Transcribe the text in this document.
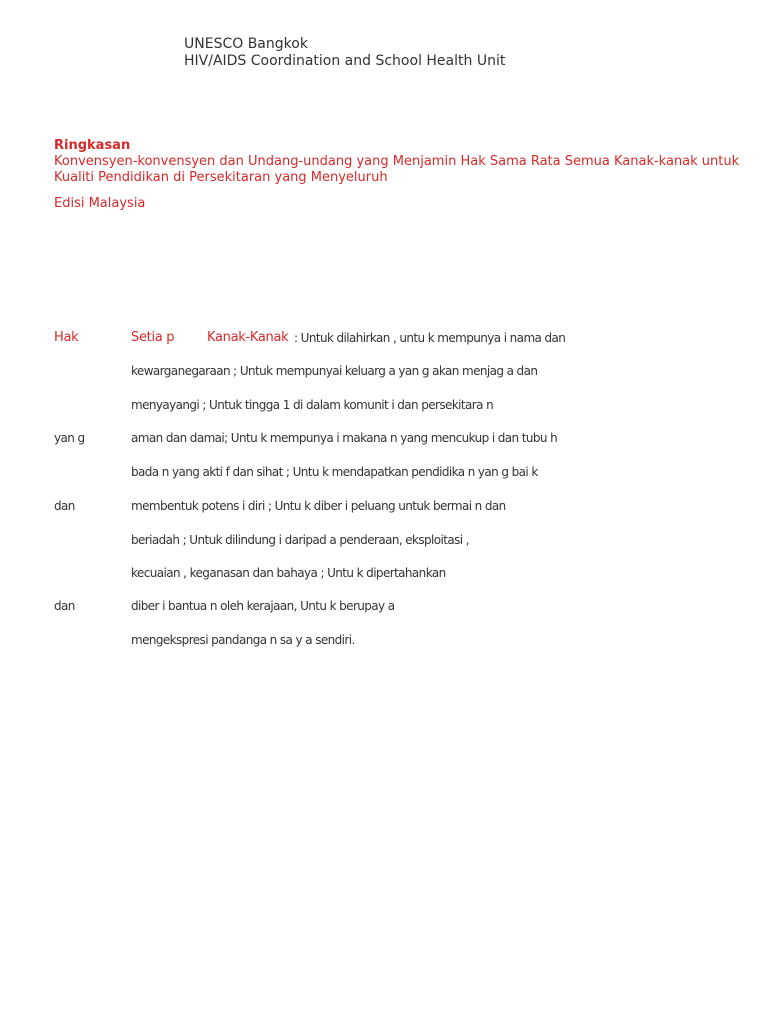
UNESCO Bangkok
HIV/AIDS Coordination and School Health Unit
Ringkasan
Konvensyen-konvensyen dan Undang-undang yang Menjamin Hak Sama Rata Semua Kanak-kanak untuk Kualiti Pendidikan di Persekitaran yang Menyeluruh
Edisi Malaysia
Hak	Setia p	Kanak-Kanak : Untuk dilahirkan , untu k mempunya i nama dan
kewarganegaraan ; Untuk mempunyai keluarg a yan g akan menjag a dan
menyayangi ; Untuk tingga 1 di dalam komunit i dan persekitara n
yan g	aman dan damai; Untu k mempunya i makana n yang mencukup i dan tubu h
bada n yang akti f dan sihat ; Untu k mendapatkan pendidika n yan g bai k
dan	membentuk potens i diri ; Untu k diber i peluang untuk bermai n dan
beriadah ; Untuk dilindung i daripad a penderaan, eksploitasi ,
kecuaian , keganasan dan bahaya ; Untu k dipertahankan
dan	diber i bantua n oleh kerajaan, Untu k berupay a
mengekspresi pandanga n sa y a sendiri.
